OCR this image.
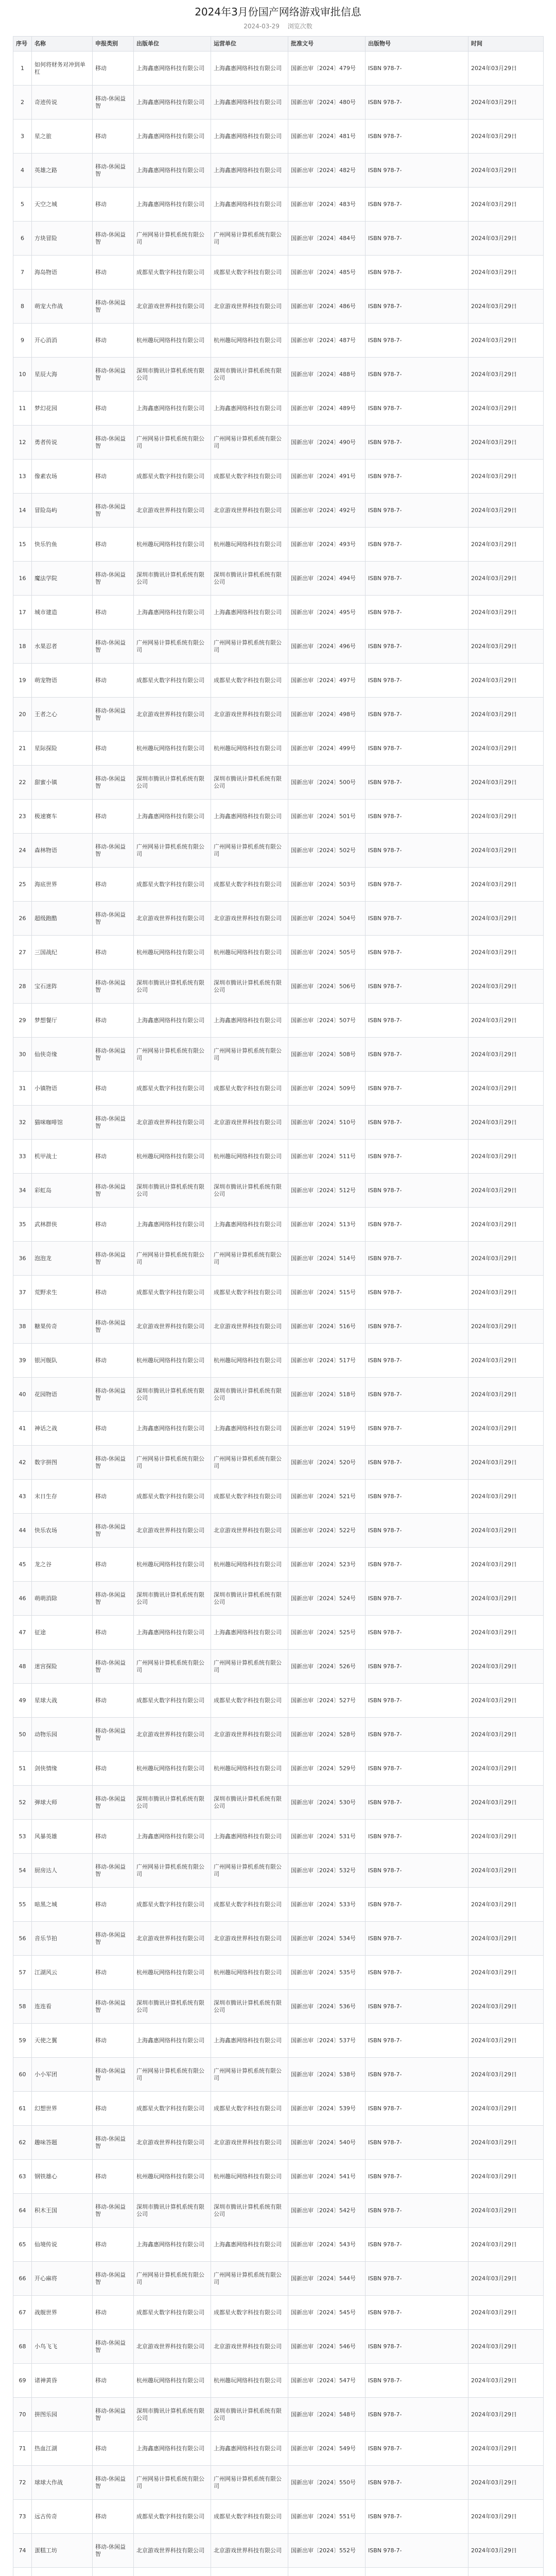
2024年3月份国产网络游戏审批信息
2024-03-29 浏览次数
序号	名称	申报类别	出版单位	运营单位	批准文号	出版物号	时间
1	如何将财务对冲到单杠	移动	上海鑫惠网络科技有限公司	上海鑫惠网络科技有限公司	国新出审〔2024〕479号	ISBN 978-7-	2024年03月29日
2	奇迹传说	移动-休闲益智	上海鑫惠网络科技有限公司	上海鑫惠网络科技有限公司	国新出审〔2024〕480号	ISBN 978-7-	2024年03月29日
3	星之旅	移动	上海鑫惠网络科技有限公司	上海鑫惠网络科技有限公司	国新出审〔2024〕481号	ISBN 978-7-	2024年03月29日
4	英雄之路	移动-休闲益智	上海鑫惠网络科技有限公司	上海鑫惠网络科技有限公司	国新出审〔2024〕482号	ISBN 978-7-	2024年03月29日
5	天空之城	移动	上海鑫惠网络科技有限公司	上海鑫惠网络科技有限公司	国新出审〔2024〕483号	ISBN 978-7-	2024年03月29日
6	方块冒险	移动-休闲益智	广州网易计算机系统有限公司	广州网易计算机系统有限公司	国新出审〔2024〕484号	ISBN 978-7-	2024年03月29日
7	海岛物语	移动	成都星火数字科技有限公司	成都星火数字科技有限公司	国新出审〔2024〕485号	ISBN 978-7-	2024年03月29日
8	萌宠大作战	移动-休闲益智	北京游戏世界科技有限公司	北京游戏世界科技有限公司	国新出审〔2024〕486号	ISBN 978-7-	2024年03月29日
9	开心消消	移动	杭州趣玩网络科技有限公司	杭州趣玩网络科技有限公司	国新出审〔2024〕487号	ISBN 978-7-	2024年03月29日
10	星辰大海	移动-休闲益智	深圳市腾讯计算机系统有限公司	深圳市腾讯计算机系统有限公司	国新出审〔2024〕488号	ISBN 978-7-	2024年03月29日
11	梦幻花园	移动	上海鑫惠网络科技有限公司	上海鑫惠网络科技有限公司	国新出审〔2024〕489号	ISBN 978-7-	2024年03月29日
12	勇者传说	移动-休闲益智	广州网易计算机系统有限公司	广州网易计算机系统有限公司	国新出审〔2024〕490号	ISBN 978-7-	2024年03月29日
13	像素农场	移动	成都星火数字科技有限公司	成都星火数字科技有限公司	国新出审〔2024〕491号	ISBN 978-7-	2024年03月29日
14	冒险岛屿	移动-休闲益智	北京游戏世界科技有限公司	北京游戏世界科技有限公司	国新出审〔2024〕492号	ISBN 978-7-	2024年03月29日
15	快乐钓鱼	移动	杭州趣玩网络科技有限公司	杭州趣玩网络科技有限公司	国新出审〔2024〕493号	ISBN 978-7-	2024年03月29日
16	魔法学院	移动-休闲益智	深圳市腾讯计算机系统有限公司	深圳市腾讯计算机系统有限公司	国新出审〔2024〕494号	ISBN 978-7-	2024年03月29日
17	城市建造	移动	上海鑫惠网络科技有限公司	上海鑫惠网络科技有限公司	国新出审〔2024〕495号	ISBN 978-7-	2024年03月29日
18	水果忍者	移动-休闲益智	广州网易计算机系统有限公司	广州网易计算机系统有限公司	国新出审〔2024〕496号	ISBN 978-7-	2024年03月29日
19	萌宠物语	移动	成都星火数字科技有限公司	成都星火数字科技有限公司	国新出审〔2024〕497号	ISBN 978-7-	2024年03月29日
20	王者之心	移动-休闲益智	北京游戏世界科技有限公司	北京游戏世界科技有限公司	国新出审〔2024〕498号	ISBN 978-7-	2024年03月29日
21	星际探险	移动	杭州趣玩网络科技有限公司	杭州趣玩网络科技有限公司	国新出审〔2024〕499号	ISBN 978-7-	2024年03月29日
22	甜蜜小镇	移动-休闲益智	深圳市腾讯计算机系统有限公司	深圳市腾讯计算机系统有限公司	国新出审〔2024〕500号	ISBN 978-7-	2024年03月29日
23	极速赛车	移动	上海鑫惠网络科技有限公司	上海鑫惠网络科技有限公司	国新出审〔2024〕501号	ISBN 978-7-	2024年03月29日
24	森林物语	移动-休闲益智	广州网易计算机系统有限公司	广州网易计算机系统有限公司	国新出审〔2024〕502号	ISBN 978-7-	2024年03月29日
25	海底世界	移动	成都星火数字科技有限公司	成都星火数字科技有限公司	国新出审〔2024〕503号	ISBN 978-7-	2024年03月29日
26	超级跑酷	移动-休闲益智	北京游戏世界科技有限公司	北京游戏世界科技有限公司	国新出审〔2024〕504号	ISBN 978-7-	2024年03月29日
27	三国战纪	移动	杭州趣玩网络科技有限公司	杭州趣玩网络科技有限公司	国新出审〔2024〕505号	ISBN 978-7-	2024年03月29日
28	宝石迷阵	移动-休闲益智	深圳市腾讯计算机系统有限公司	深圳市腾讯计算机系统有限公司	国新出审〔2024〕506号	ISBN 978-7-	2024年03月29日
29	梦想餐厅	移动	上海鑫惠网络科技有限公司	上海鑫惠网络科技有限公司	国新出审〔2024〕507号	ISBN 978-7-	2024年03月29日
30	仙侠奇缘	移动-休闲益智	广州网易计算机系统有限公司	广州网易计算机系统有限公司	国新出审〔2024〕508号	ISBN 978-7-	2024年03月29日
31	小镇物语	移动	成都星火数字科技有限公司	成都星火数字科技有限公司	国新出审〔2024〕509号	ISBN 978-7-	2024年03月29日
32	猫咪咖啡馆	移动-休闲益智	北京游戏世界科技有限公司	北京游戏世界科技有限公司	国新出审〔2024〕510号	ISBN 978-7-	2024年03月29日
33	机甲战士	移动	杭州趣玩网络科技有限公司	杭州趣玩网络科技有限公司	国新出审〔2024〕511号	ISBN 978-7-	2024年03月29日
34	彩虹岛	移动-休闲益智	深圳市腾讯计算机系统有限公司	深圳市腾讯计算机系统有限公司	国新出审〔2024〕512号	ISBN 978-7-	2024年03月29日
35	武林群侠	移动	上海鑫惠网络科技有限公司	上海鑫惠网络科技有限公司	国新出审〔2024〕513号	ISBN 978-7-	2024年03月29日
36	泡泡龙	移动-休闲益智	广州网易计算机系统有限公司	广州网易计算机系统有限公司	国新出审〔2024〕514号	ISBN 978-7-	2024年03月29日
37	荒野求生	移动	成都星火数字科技有限公司	成都星火数字科技有限公司	国新出审〔2024〕515号	ISBN 978-7-	2024年03月29日
38	糖果传奇	移动-休闲益智	北京游戏世界科技有限公司	北京游戏世界科技有限公司	国新出审〔2024〕516号	ISBN 978-7-	2024年03月29日
39	银河舰队	移动	杭州趣玩网络科技有限公司	杭州趣玩网络科技有限公司	国新出审〔2024〕517号	ISBN 978-7-	2024年03月29日
40	花园物语	移动-休闲益智	深圳市腾讯计算机系统有限公司	深圳市腾讯计算机系统有限公司	国新出审〔2024〕518号	ISBN 978-7-	2024年03月29日
41	神话之战	移动	上海鑫惠网络科技有限公司	上海鑫惠网络科技有限公司	国新出审〔2024〕519号	ISBN 978-7-	2024年03月29日
42	数字拼图	移动-休闲益智	广州网易计算机系统有限公司	广州网易计算机系统有限公司	国新出审〔2024〕520号	ISBN 978-7-	2024年03月29日
43	末日生存	移动	成都星火数字科技有限公司	成都星火数字科技有限公司	国新出审〔2024〕521号	ISBN 978-7-	2024年03月29日
44	快乐农场	移动-休闲益智	北京游戏世界科技有限公司	北京游戏世界科技有限公司	国新出审〔2024〕522号	ISBN 978-7-	2024年03月29日
45	龙之谷	移动	杭州趣玩网络科技有限公司	杭州趣玩网络科技有限公司	国新出审〔2024〕523号	ISBN 978-7-	2024年03月29日
46	萌萌消除	移动-休闲益智	深圳市腾讯计算机系统有限公司	深圳市腾讯计算机系统有限公司	国新出审〔2024〕524号	ISBN 978-7-	2024年03月29日
47	征途	移动	上海鑫惠网络科技有限公司	上海鑫惠网络科技有限公司	国新出审〔2024〕525号	ISBN 978-7-	2024年03月29日
48	迷宫探险	移动-休闲益智	广州网易计算机系统有限公司	广州网易计算机系统有限公司	国新出审〔2024〕526号	ISBN 978-7-	2024年03月29日
49	星球大战	移动	成都星火数字科技有限公司	成都星火数字科技有限公司	国新出审〔2024〕527号	ISBN 978-7-	2024年03月29日
50	动物乐园	移动-休闲益智	北京游戏世界科技有限公司	北京游戏世界科技有限公司	国新出审〔2024〕528号	ISBN 978-7-	2024年03月29日
51	剑侠情缘	移动	杭州趣玩网络科技有限公司	杭州趣玩网络科技有限公司	国新出审〔2024〕529号	ISBN 978-7-	2024年03月29日
52	弹球大师	移动-休闲益智	深圳市腾讯计算机系统有限公司	深圳市腾讯计算机系统有限公司	国新出审〔2024〕530号	ISBN 978-7-	2024年03月29日
53	风暴英雄	移动	上海鑫惠网络科技有限公司	上海鑫惠网络科技有限公司	国新出审〔2024〕531号	ISBN 978-7-	2024年03月29日
54	厨房达人	移动-休闲益智	广州网易计算机系统有限公司	广州网易计算机系统有限公司	国新出审〔2024〕532号	ISBN 978-7-	2024年03月29日
55	暗黑之城	移动	成都星火数字科技有限公司	成都星火数字科技有限公司	国新出审〔2024〕533号	ISBN 978-7-	2024年03月29日
56	音乐节拍	移动-休闲益智	北京游戏世界科技有限公司	北京游戏世界科技有限公司	国新出审〔2024〕534号	ISBN 978-7-	2024年03月29日
57	江湖风云	移动	杭州趣玩网络科技有限公司	杭州趣玩网络科技有限公司	国新出审〔2024〕535号	ISBN 978-7-	2024年03月29日
58	连连看	移动-休闲益智	深圳市腾讯计算机系统有限公司	深圳市腾讯计算机系统有限公司	国新出审〔2024〕536号	ISBN 978-7-	2024年03月29日
59	天使之翼	移动	上海鑫惠网络科技有限公司	上海鑫惠网络科技有限公司	国新出审〔2024〕537号	ISBN 978-7-	2024年03月29日
60	小小军团	移动-休闲益智	广州网易计算机系统有限公司	广州网易计算机系统有限公司	国新出审〔2024〕538号	ISBN 978-7-	2024年03月29日
61	幻想世界	移动	成都星火数字科技有限公司	成都星火数字科技有限公司	国新出审〔2024〕539号	ISBN 978-7-	2024年03月29日
62	趣味答题	移动-休闲益智	北京游戏世界科技有限公司	北京游戏世界科技有限公司	国新出审〔2024〕540号	ISBN 978-7-	2024年03月29日
63	钢铁雄心	移动	杭州趣玩网络科技有限公司	杭州趣玩网络科技有限公司	国新出审〔2024〕541号	ISBN 978-7-	2024年03月29日
64	积木王国	移动-休闲益智	深圳市腾讯计算机系统有限公司	深圳市腾讯计算机系统有限公司	国新出审〔2024〕542号	ISBN 978-7-	2024年03月29日
65	仙境传说	移动	上海鑫惠网络科技有限公司	上海鑫惠网络科技有限公司	国新出审〔2024〕543号	ISBN 978-7-	2024年03月29日
66	开心麻将	移动-休闲益智	广州网易计算机系统有限公司	广州网易计算机系统有限公司	国新出审〔2024〕544号	ISBN 978-7-	2024年03月29日
67	战舰世界	移动	成都星火数字科技有限公司	成都星火数字科技有限公司	国新出审〔2024〕545号	ISBN 978-7-	2024年03月29日
68	小鸟飞飞	移动-休闲益智	北京游戏世界科技有限公司	北京游戏世界科技有限公司	国新出审〔2024〕546号	ISBN 978-7-	2024年03月29日
69	诸神黄昏	移动	杭州趣玩网络科技有限公司	杭州趣玩网络科技有限公司	国新出审〔2024〕547号	ISBN 978-7-	2024年03月29日
70	拼图乐园	移动-休闲益智	深圳市腾讯计算机系统有限公司	深圳市腾讯计算机系统有限公司	国新出审〔2024〕548号	ISBN 978-7-	2024年03月29日
71	热血江湖	移动	上海鑫惠网络科技有限公司	上海鑫惠网络科技有限公司	国新出审〔2024〕549号	ISBN 978-7-	2024年03月29日
72	球球大作战	移动-休闲益智	广州网易计算机系统有限公司	广州网易计算机系统有限公司	国新出审〔2024〕550号	ISBN 978-7-	2024年03月29日
73	远古传奇	移动	成都星火数字科技有限公司	成都星火数字科技有限公司	国新出审〔2024〕551号	ISBN 978-7-	2024年03月29日
74	蛋糕工坊	移动-休闲益智	北京游戏世界科技有限公司	北京游戏世界科技有限公司	国新出审〔2024〕552号	ISBN 978-7-	2024年03月29日
